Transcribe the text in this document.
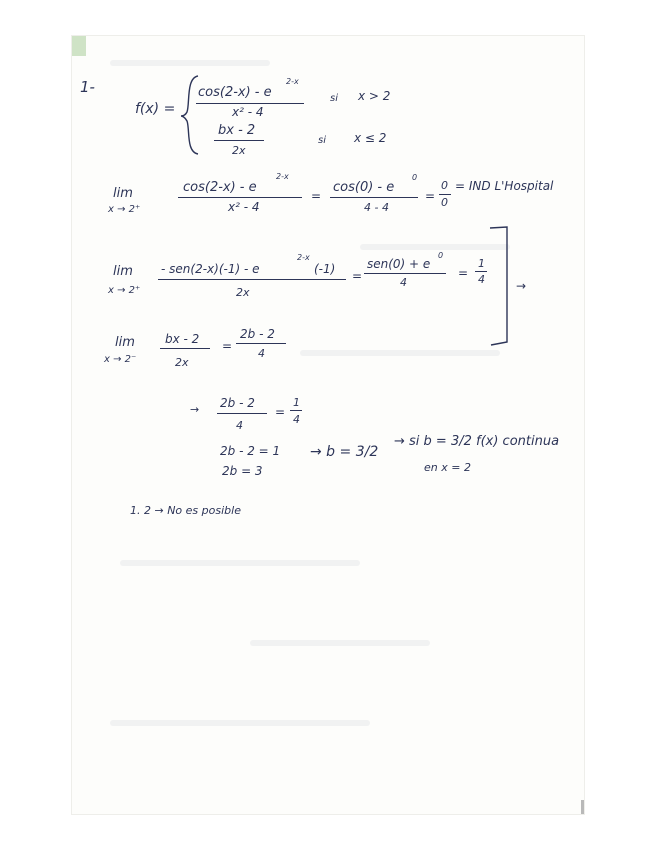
1-
f(x) =
cos(2-x) - e
2-x
x² - 4
si x > 2
bx - 2
2x
si x ≤ 2
lim
x → 2⁺
cos(2-x) - e
2-x
x² - 4
=
cos(0) - e
0
4 - 4
=
0
0
= IND L'Hospital
lim
x → 2⁺
- sen(2-x)(-1) - e
2-x
(-1)
2x
=
sen(0) + e
0
4
=
1
4
lim
x → 2⁻
bx - 2
2x
=
2b - 2
4
→
→ 2b - 2
4
=
1
4
2b - 2 = 1
2b = 3
→ b = 3/2
→ si b = 3/2 f(x) continua
en x = 2
1. 2 → No es posible
